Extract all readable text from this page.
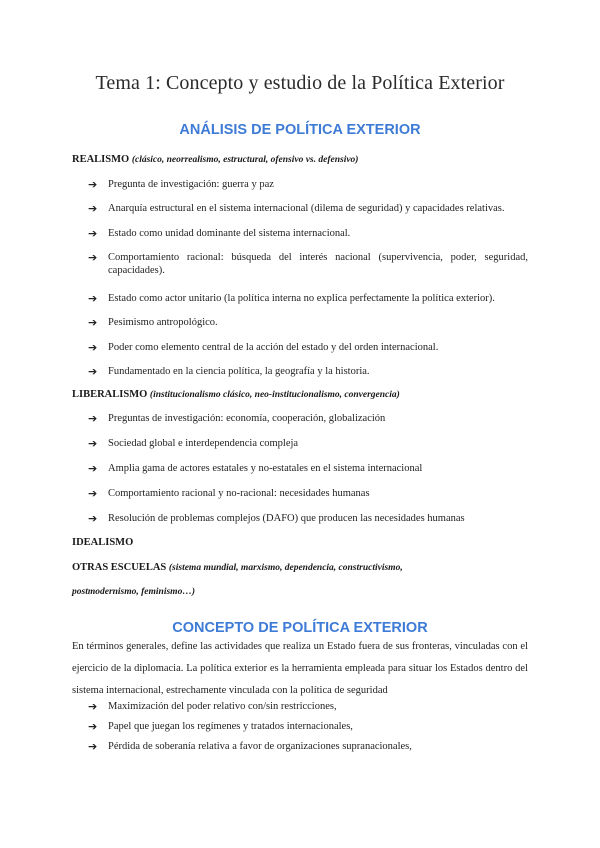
Tema 1: Concepto y estudio de la Política Exterior
ANÁLISIS DE POLÍTICA EXTERIOR
REALISMO (clásico, neorrealismo, estructural, ofensivo vs. defensivo)
➔ Pregunta de investigación: guerra y paz
➔ Anarquía estructural en el sistema internacional (dilema de seguridad) y capacidades relativas.
➔ Estado como unidad dominante del sistema internacional.
➔ Comportamiento racional: búsqueda del interés nacional (supervivencia, poder, seguridad, capacidades).
➔ Estado como actor unitario (la política interna no explica perfectamente la política exterior).
➔ Pesimismo antropológico.
➔ Poder como elemento central de la acción del estado y del orden internacional.
➔ Fundamentado en la ciencia política, la geografía y la historia.
LIBERALISMO (institucionalismo clásico, neo-institucionalismo, convergencia)
➔ Preguntas de investigación: economía, cooperación, globalización
➔ Sociedad global e interdependencia compleja
➔ Amplia gama de actores estatales y no-estatales en el sistema internacional
➔ Comportamiento racional y no-racional: necesidades humanas
➔ Resolución de problemas complejos (DAFO) que producen las necesidades humanas
IDEALISMO
OTRAS ESCUELAS (sistema mundial, marxismo, dependencia, constructivismo,
postmodernismo, feminismo…)
CONCEPTO DE POLÍTICA EXTERIOR
En términos generales, define las actividades que realiza un Estado fuera de sus fronteras, vinculadas con el ejercicio de la diplomacia. La política exterior es la herramienta empleada para situar los Estados dentro del sistema internacional, estrechamente vinculada con la política de seguridad
➔ Maximización del poder relativo con/sin restricciones,
➔ Papel que juegan los regímenes y tratados internacionales,
➔ Pérdida de soberanía relativa a favor de organizaciones supranacionales,
